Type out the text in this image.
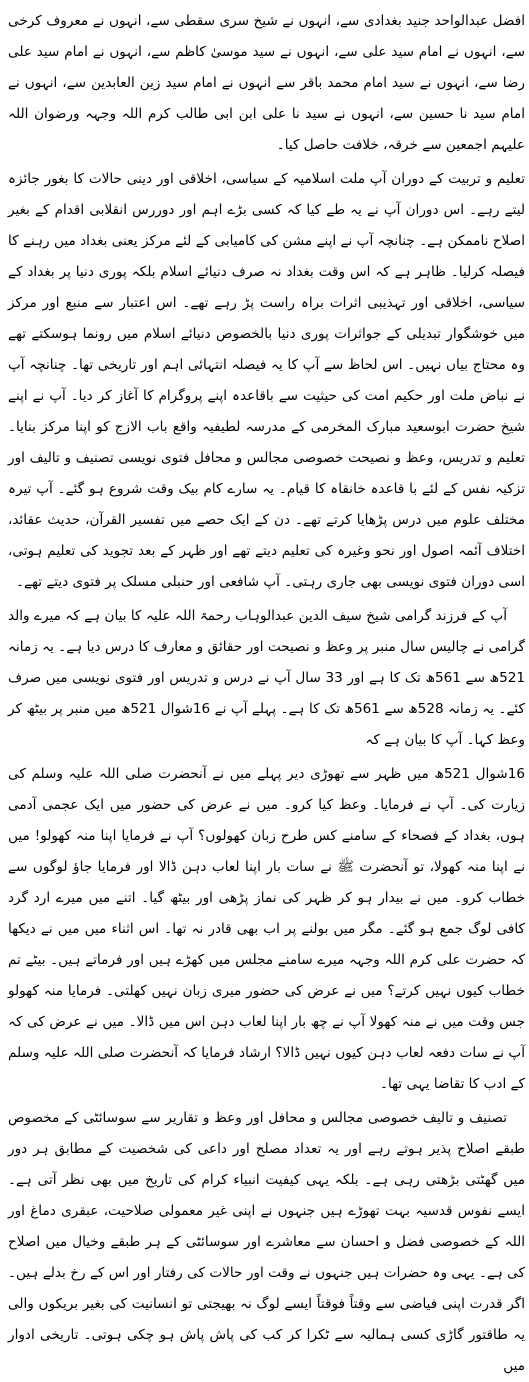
افضل عبدالواحد جنید بغدادی سے، انہوں نے شیخ سری سقطی سے، انہوں نے معروف کرخی سے، انہوں نے امام سید علی سے، انہوں نے سید موسیٰ کاظم سے، انہوں نے امام سید علی رضا سے، انہوں نے سید امام محمد باقر سے انہوں نے امام سید زین العابدین سے، انہوں نے امام سید نا حسین سے، انہوں نے سید نا علی ابن ابی طالب کرم اللہ وجہہ ورضوان اللہ علیہم اجمعین سے خرقہ، خلافت حاصل کیا۔

تعلیم و تربیت کے دوران آپ ملت اسلامیہ کے سیاسی، اخلاقی اور دینی حالات کا بغور جائزہ لیتے رہے۔ اس دوران آپ نے یہ طے کیا کہ کسی بڑے اہم اور دوررس انقلابی اقدام کے بغیر اصلاح ناممکن ہے۔ چنانچہ آپ نے اپنے مشن کی کامیابی کے لئے مرکز یعنی بغداد میں رہنے کا فیصلہ کرلیا۔ ظاہر ہے کہ اس وقت بغداد نہ صرف دنیائے اسلام بلکہ پوری دنیا پر بغداد کے سیاسی، اخلاقی اور تہذیبی اثرات براہ راست پڑ رہے تھے۔ اس اعتبار سے منبع اور مرکز میں خوشگوار تبدیلی کے جواثرات پوری دنیا بالخصوص دنیائے اسلام میں رونما ہوسکتے تھے وہ محتاج بیاں نہیں۔ اس لحاظ سے آپ کا یہ فیصلہ انتہائی اہم اور تاریخی تھا۔ چنانچہ آپ نے نباض ملت اور حکیم امت کی حیثیت سے باقاعدہ اپنے پروگرام کا آغاز کر دیا۔ آپ نے اپنے شیخ حضرت ابوسعید مبارک المخرمی کے مدرسہ لطیفیہ واقع باب الازج کو اپنا مرکز بنایا۔ تعلیم و تدریس، وعظ و نصیحت خصوصی مجالس و محافل فتوی نویسی تصنیف و تالیف اور تزکیہ نفس کے لئے با قاعدہ خانقاہ کا قیام۔ یہ سارے کام بیک وقت شروع ہو گئے۔ آپ تیرہ مختلف علوم میں درس پڑھایا کرتے تھے۔ دن کے ایک حصے میں تفسیر القرآن، حدیث عقائد، اختلاف آئمہ اصول اور نحو وغیرہ کی تعلیم دیتے تھے اور ظہر کے بعد تجوید کی تعلیم ہوتی، اسی دوران فتوی نویسی بھی جاری رہتی۔ آپ شافعی اور حنبلی مسلک پر فتوی دیتے تھے۔

آپ کے فرزند گرامی شیخ سیف الدین عبدالوہاب رحمۃ اللہ علیہ کا بیان ہے کہ میرے والد گرامی نے چالیس سال منبر پر وعظ و نصیحت اور حقائق و معارف کا درس دیا ہے۔ یہ زمانہ 521ھ سے 561ھ تک کا ہے اور 33 سال آپ نے درس و تدریس اور فتوی نویسی میں صرف کئے۔ یہ زمانہ 528ھ سے 561ھ تک کا ہے۔ پہلے آپ نے 16شوال 521ھ میں منبر پر بیٹھ کر وعظ کہا۔ آپ کا بیان ہے کہ

16شوال 521ھ میں ظہر سے تھوڑی دیر پہلے میں نے آنحضرت صلی اللہ علیہ وسلم کی زیارت کی۔ آپ نے فرمایا۔ وعظ کیا کرو۔ میں نے عرض کی حضور میں ایک عجمی آدمی ہوں، بغداد کے فصحاء کے سامنے کس طرح زبان کھولوں؟ آپ نے فرمایا اپنا منہ کھولو! میں نے اپنا منہ کھولا، تو آنحضرت ﷺ نے سات بار اپنا لعاب دہن ڈالا اور فرمایا جاؤ لوگوں سے خطاب کرو۔ میں نے بیدار ہو کر ظہر کی نماز پڑھی اور بیٹھ گیا۔ اتنے میں میرے ارد گرد کافی لوگ جمع ہو گئے۔ مگر میں بولنے پر اب بھی قادر نہ تھا۔ اس اثناء میں میں نے دیکھا کہ حضرت علی کرم اللہ وجہہ میرے سامنے مجلس میں کھڑے ہیں اور فرماتے ہیں۔ بیٹے تم خطاب کیوں نہیں کرتے؟ میں نے عرض کی حضور میری زبان نہیں کھلتی۔ فرمایا منہ کھولو جس وقت میں نے منہ کھولا آپ نے چھ بار اپنا لعاب دہن اس میں ڈالا۔ میں نے عرض کی کہ آپ نے سات دفعہ لعاب دہن کیوں نہیں ڈالا؟ ارشاد فرمایا کہ آنحضرت صلی اللہ علیہ وسلم کے ادب کا تقاضا یہی تھا۔

تصنیف و تالیف خصوصی مجالس و محافل اور وعظ و تقاریر سے سوسائٹی کے مخصوص طبقے اصلاح پذیر ہوتے رہے اور یہ تعداد مصلح اور داعی کی شخصیت کے مطابق ہر دور میں گھٹتی بڑھتی رہی ہے۔ بلکہ یہی کیفیت انبیاء کرام کی تاریخ میں بھی نظر آتی ہے۔ ایسے نفوس قدسیہ بہت تھوڑے ہیں جنہوں نے اپنی غیر معمولی صلاحیت، عبقری دماغ اور اللہ کے خصوصی فضل و احسان سے معاشرے اور سوسائٹی کے ہر طبقے وخیال میں اصلاح کی ہے۔ یہی وہ حضرات ہیں جنہوں نے وقت اور حالات کی رفتار اور اس کے رخ بدلے ہیں۔ اگر قدرت اپنی فیاضی سے وقتاً فوقتاً ایسے لوگ نہ بھیجتی تو انسانیت کی بغیر بریکوں والی یہ طاقتور گاڑی کسی ہمالیہ سے ٹکرا کر کب کی پاش پاش ہو چکی ہوتی۔ تاریخی ادوار میں
